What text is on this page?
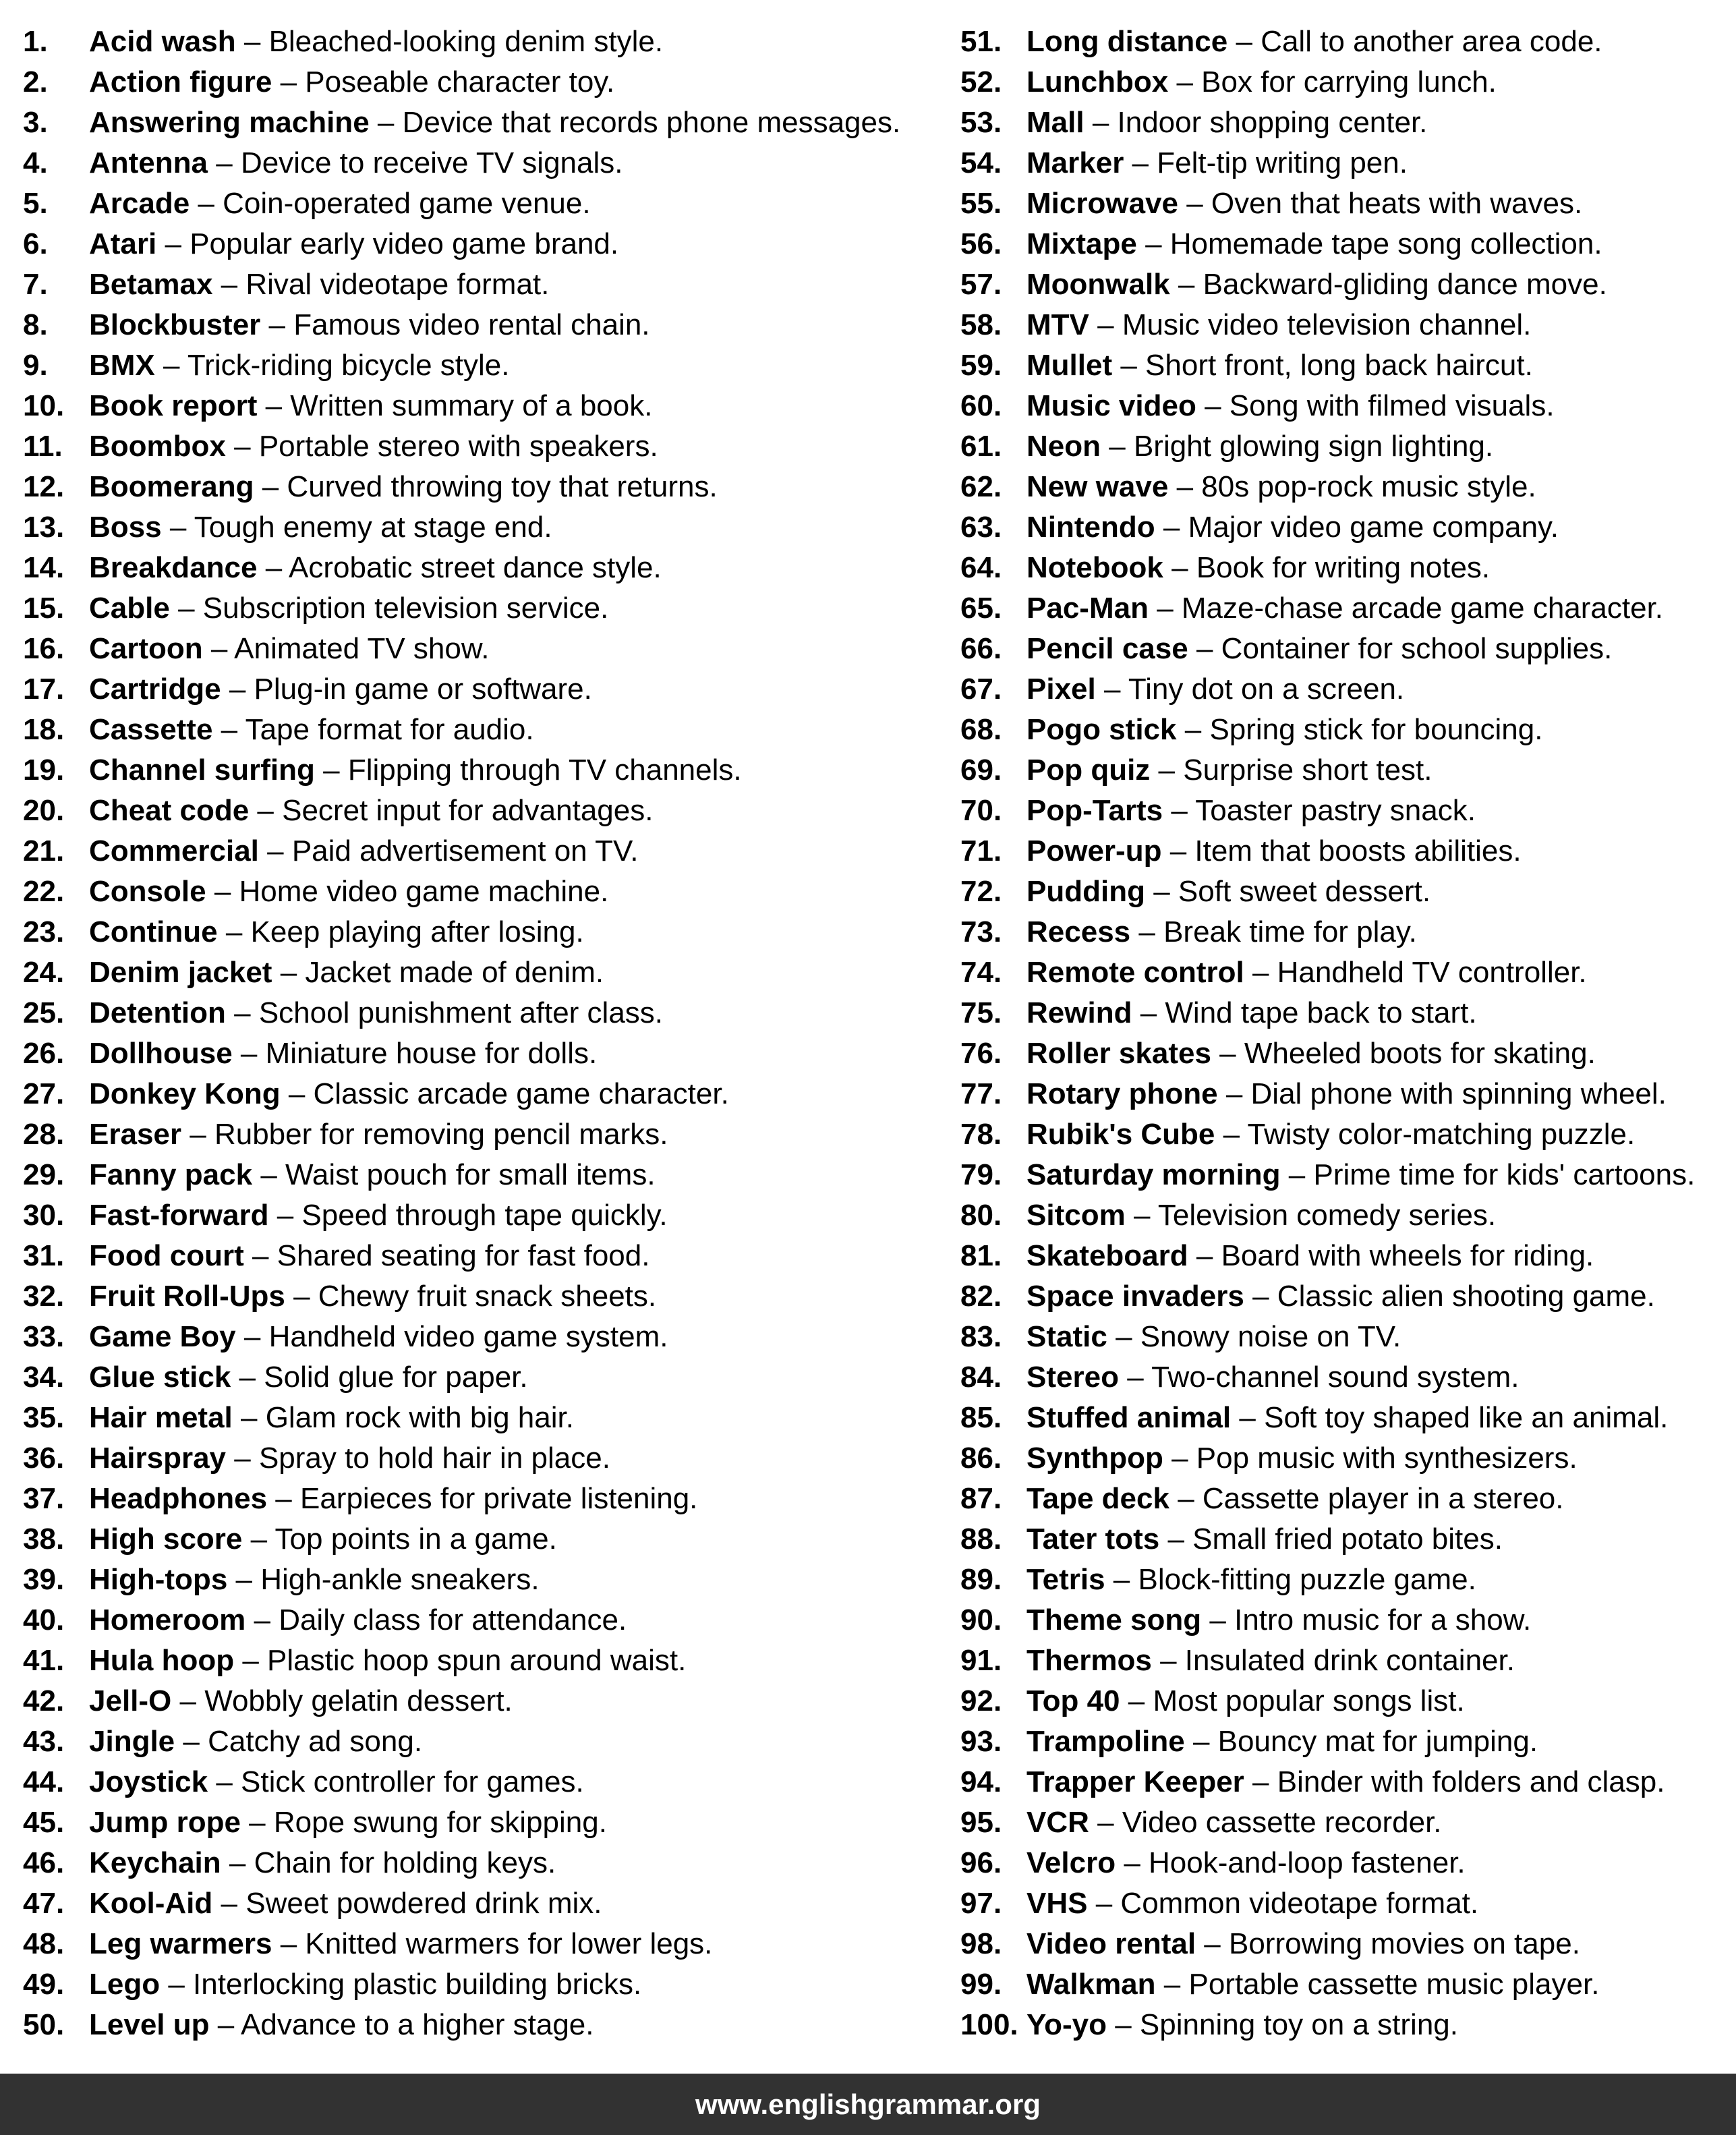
1.	Acid wash – Bleached-looking denim style.
2.	Action figure – Poseable character toy.
3.	Answering machine – Device that records phone messages.
4.	Antenna – Device to receive TV signals.
5.	Arcade – Coin-operated game venue.
6.	Atari – Popular early video game brand.
7.	Betamax – Rival videotape format.
8.	Blockbuster – Famous video rental chain.
9.	BMX – Trick-riding bicycle style.
10. Book report – Written summary of a book.
11. Boombox – Portable stereo with speakers.
12. Boomerang – Curved throwing toy that returns.
13. Boss – Tough enemy at stage end.
14. Breakdance – Acrobatic street dance style.
15. Cable – Subscription television service.
16. Cartoon – Animated TV show.
17. Cartridge – Plug-in game or software.
18. Cassette – Tape format for audio.
19. Channel surfing – Flipping through TV channels.
20. Cheat code – Secret input for advantages.
21. Commercial – Paid advertisement on TV.
22. Console – Home video game machine.
23. Continue – Keep playing after losing.
24. Denim jacket – Jacket made of denim.
25. Detention – School punishment after class.
26. Dollhouse – Miniature house for dolls.
27. Donkey Kong – Classic arcade game character.
28. Eraser – Rubber for removing pencil marks.
29. Fanny pack – Waist pouch for small items.
30. Fast-forward – Speed through tape quickly.
31. Food court – Shared seating for fast food.
32. Fruit Roll-Ups – Chewy fruit snack sheets.
33. Game Boy – Handheld video game system.
34. Glue stick – Solid glue for paper.
35. Hair metal – Glam rock with big hair.
36. Hairspray – Spray to hold hair in place.
37. Headphones – Earpieces for private listening.
38. High score – Top points in a game.
39. High-tops – High-ankle sneakers.
40. Homeroom – Daily class for attendance.
41. Hula hoop – Plastic hoop spun around waist.
42. Jell-O – Wobbly gelatin dessert.
43. Jingle – Catchy ad song.
44. Joystick – Stick controller for games.
45. Jump rope – Rope swung for skipping.
46. Keychain – Chain for holding keys.
47. Kool-Aid – Sweet powdered drink mix.
48. Leg warmers – Knitted warmers for lower legs.
49. Lego – Interlocking plastic building bricks.
50. Level up – Advance to a higher stage.
51. Long distance – Call to another area code.
52. Lunchbox – Box for carrying lunch.
53. Mall – Indoor shopping center.
54. Marker – Felt-tip writing pen.
55. Microwave – Oven that heats with waves.
56. Mixtape – Homemade tape song collection.
57. Moonwalk – Backward-gliding dance move.
58. MTV – Music video television channel.
59. Mullet – Short front, long back haircut.
60. Music video – Song with filmed visuals.
61. Neon – Bright glowing sign lighting.
62. New wave – 80s pop-rock music style.
63. Nintendo – Major video game company.
64. Notebook – Book for writing notes.
65. Pac-Man – Maze-chase arcade game character.
66. Pencil case – Container for school supplies.
67. Pixel – Tiny dot on a screen.
68. Pogo stick – Spring stick for bouncing.
69. Pop quiz – Surprise short test.
70. Pop-Tarts – Toaster pastry snack.
71. Power-up – Item that boosts abilities.
72. Pudding – Soft sweet dessert.
73. Recess – Break time for play.
74. Remote control – Handheld TV controller.
75. Rewind – Wind tape back to start.
76. Roller skates – Wheeled boots for skating.
77. Rotary phone – Dial phone with spinning wheel.
78. Rubik's Cube – Twisty color-matching puzzle.
79. Saturday morning – Prime time for kids' cartoons.
80. Sitcom – Television comedy series.
81. Skateboard – Board with wheels for riding.
82. Space invaders – Classic alien shooting game.
83. Static – Snowy noise on TV.
84. Stereo – Two-channel sound system.
85. Stuffed animal – Soft toy shaped like an animal.
86. Synthpop – Pop music with synthesizers.
87. Tape deck – Cassette player in a stereo.
88. Tater tots – Small fried potato bites.
89. Tetris – Block-fitting puzzle game.
90. Theme song – Intro music for a show.
91. Thermos – Insulated drink container.
92. Top 40 – Most popular songs list.
93. Trampoline – Bouncy mat for jumping.
94. Trapper Keeper – Binder with folders and clasp.
95. VCR – Video cassette recorder.
96. Velcro – Hook-and-loop fastener.
97. VHS – Common videotape format.
98. Video rental – Borrowing movies on tape.
99. Walkman – Portable cassette music player.
100. Yo-yo – Spinning toy on a string.
www.englishgrammar.org
